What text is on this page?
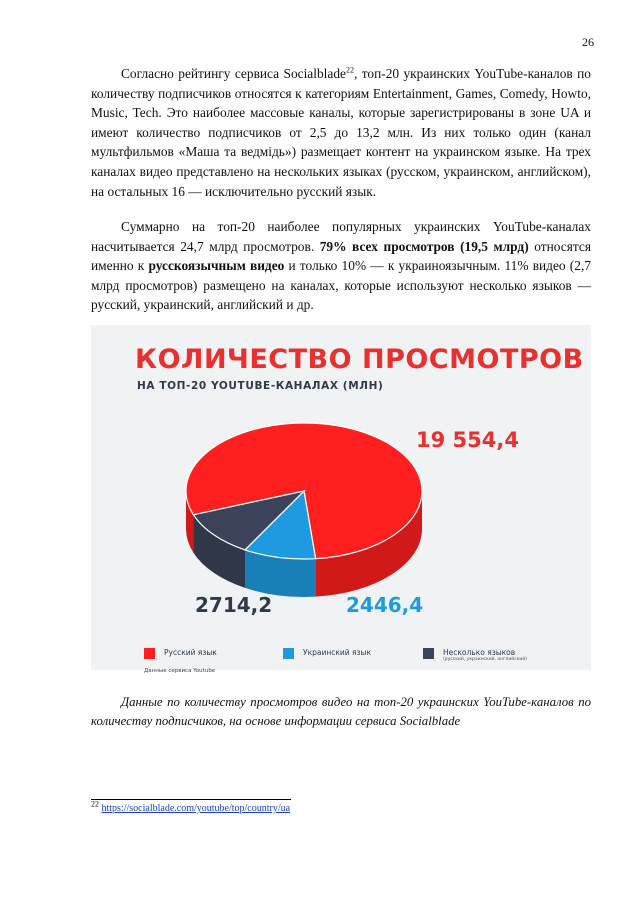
26

Согласно рейтингу сервиса Socialblade$^{22}$, топ-20 украинских YouTube-каналов по количеству подписчиков относятся к категориям Entertainment, Games, Comedy, Howto, Music, Tech. Это наиболее массовые каналы, которые зарегистрированы в зоне UA и имеют количество подписчиков от 2,5 до 13,2 млн. Из них только один (канал мультфильмов «Маша та ведмідь») размещает контент на украинском языке. На трех каналах видео представлено на нескольких языках (русском, украинском, английском), на остальных 16 — исключительно русский язык.

Суммарно на топ-20 наиболее популярных украинских YouTube-каналах насчитывается 24,7 млрд просмотров. 79% всех просмотров (19,5 млрд) относятся именно к русскоязычным видео и только 10% — к украиноязычным. 11% видео (2,7 млрд просмотров) размещено на каналах, которые используют несколько языков — русский, украинский, английский и др.

КОЛИЧЕСТВО ПРОСМОТРОВ
НА ТОП-20 YOUTUBE-КАНАЛАХ (МЛН)
19 554,4
2714,2	2446,4
Русский язык	Украинский язык	Несколько языков
(русский, украинский, английский)
Данные сервиса Youtube

Данные по количеству просмотров видео на топ-20 украинских YouTube-каналов по количеству подписчиков, на основе информации сервиса Socialblade

$^{22}$ https://socialblade.com/youtube/top/country/ua
